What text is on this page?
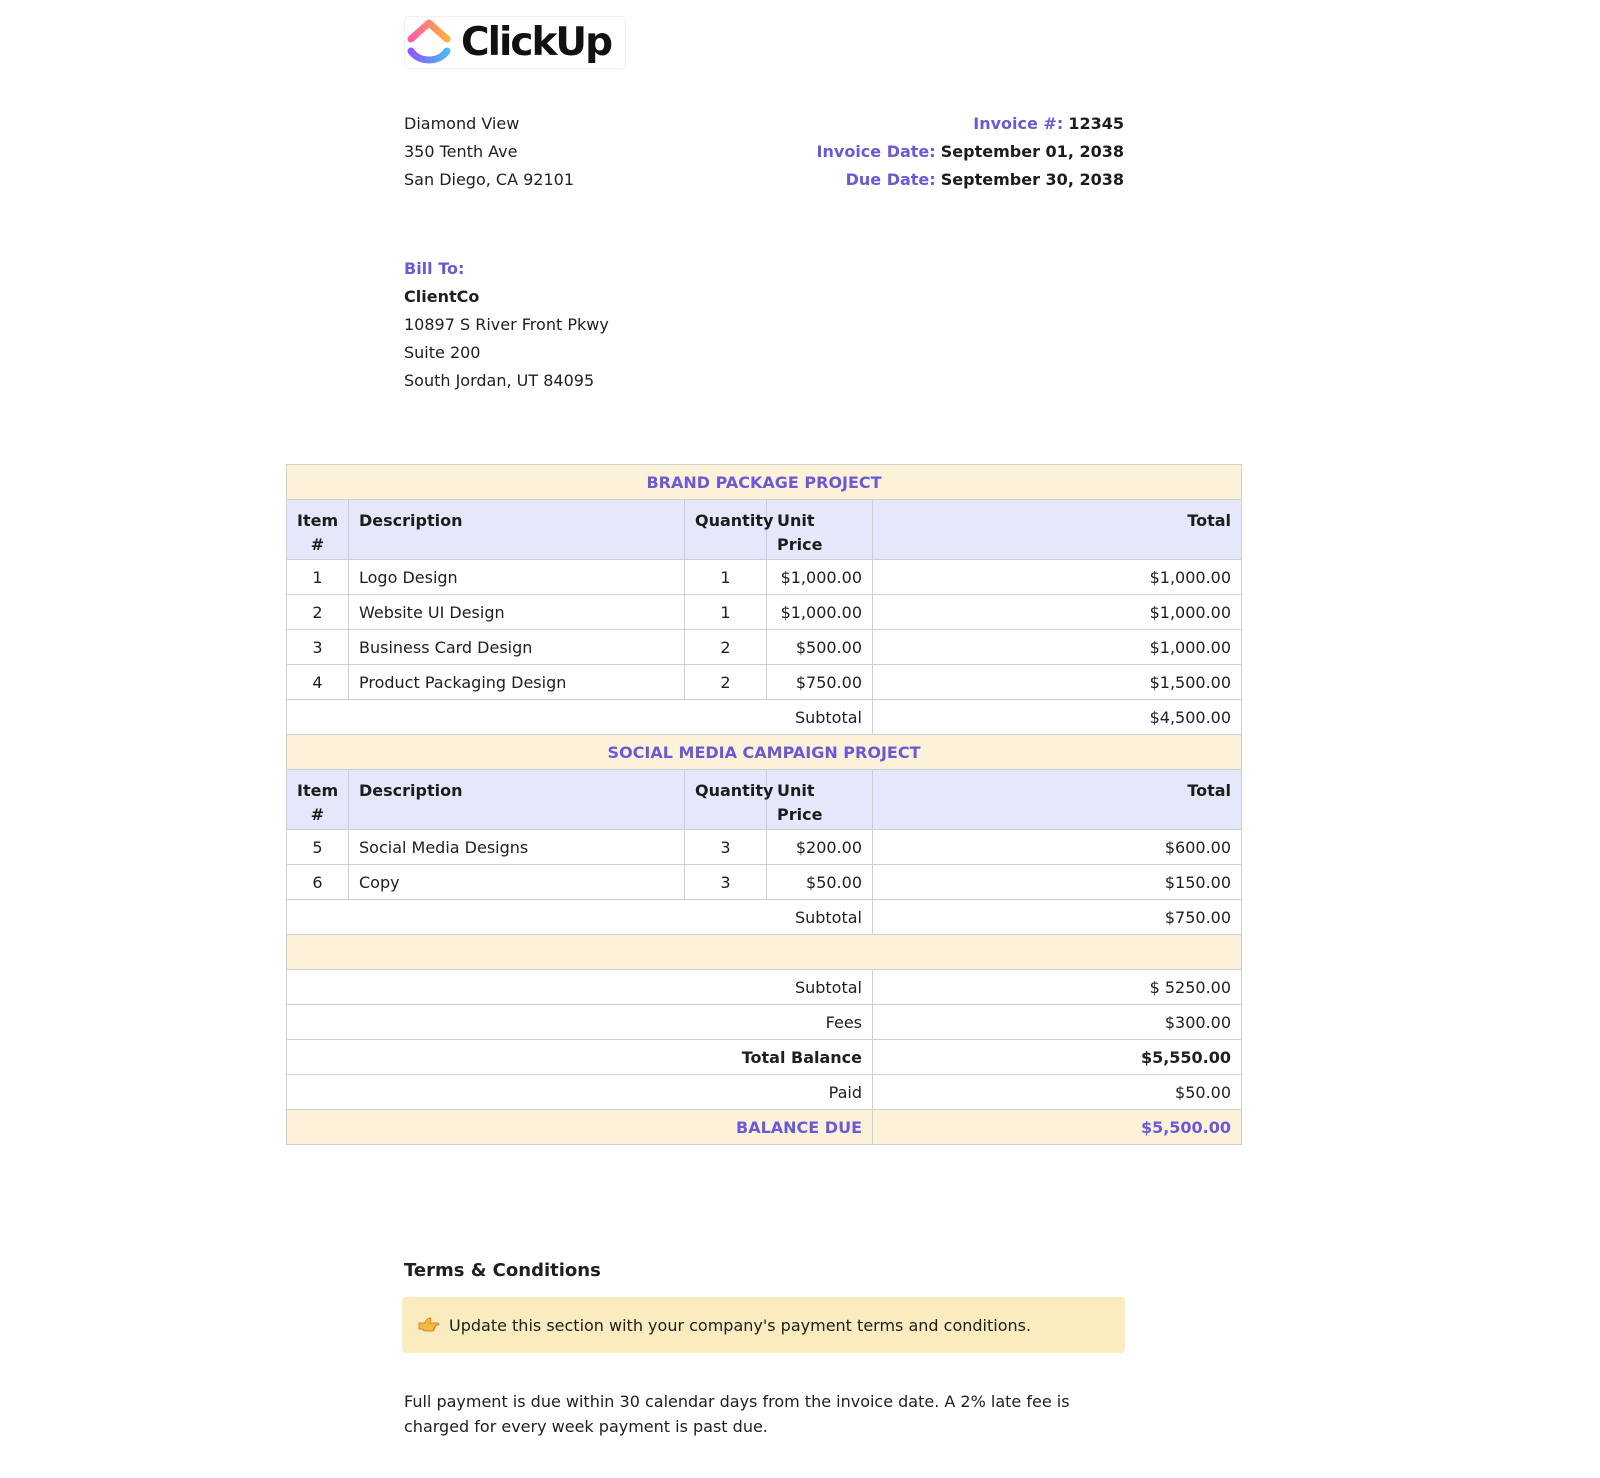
ClickUp
Diamond View
350 Tenth Ave
San Diego, CA 92101
Invoice #: 12345
Invoice Date: September 01, 2038
Due Date: September 30, 2038
Bill To:
ClientCo
10897 S River Front Pkwy
Suite 200
South Jordan, UT 84095
BRAND PACKAGE PROJECT				
Item #	Description	Quantity	Unit Price	Total
1	Logo Design	1	$1,000.00	$1,000.00
2	Website UI Design	1	$1,000.00	$1,000.00
3	Business Card Design	2	$500.00	$1,000.00
4	Product Packaging Design	2	$750.00	$1,500.00
Subtotal				$4,500.00
SOCIAL MEDIA CAMPAIGN PROJECT				
Item #	Description	Quantity	Unit Price	Total
5	Social Media Designs	3	$200.00	$600.00
6	Copy	3	$50.00	$150.00
Subtotal				$750.00

Subtotal				$ 5250.00
Fees				$300.00
Total Balance				$5,550.00
Paid				$50.00
BALANCE DUE				$5,500.00
Terms & Conditions
Update this section with your company's payment terms and conditions.
Full payment is due within 30 calendar days from the invoice date. A 2% late fee is charged for every week payment is past due.
